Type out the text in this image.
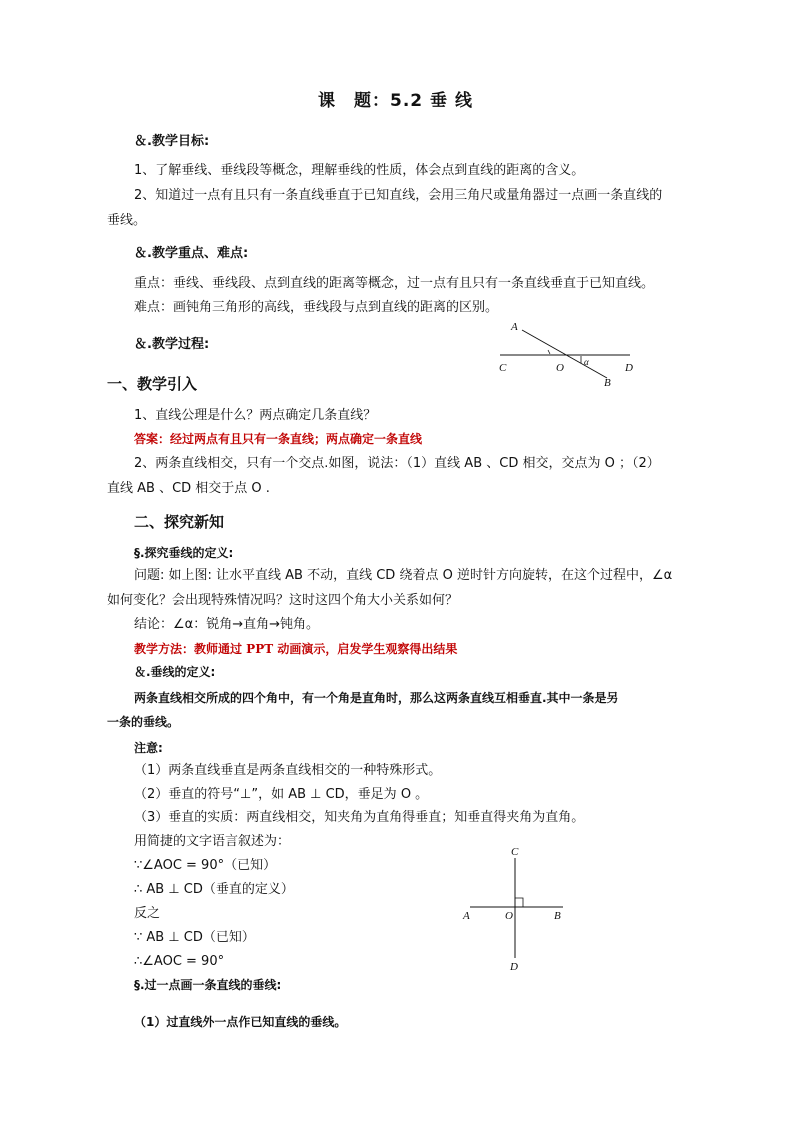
课　题：5.2 垂 线
＆.教学目标:
1、了解垂线、垂线段等概念，理解垂线的性质，体会点到直线的距离的含义。
2、知道过一点有且只有一条直线垂直于已知直线，会用三角尺或量角器过一点画一条直线的
垂线。
＆.教学重点、难点:
重点：垂线、垂线段、点到直线的距离等概念，过一点有且只有一条直线垂直于已知直线。
难点：画钝角三角形的高线，垂线段与点到直线的距离的区别。
A
C	O α	D
B
＆.教学过程:
一、教学引入
1、直线公理是什么？两点确定几条直线？
答案：经过两点有且只有一条直线；两点确定一条直线
2、两条直线相交，只有一个交点.如图，说法：（1）直线 AB 、CD 相交，交点为 O ；（2）
直线 AB 、CD 相交于点 O .
二、探究新知
§.探究垂线的定义:
问题: 如上图: 让水平直线 AB 不动，直线 CD 绕着点 O 逆时针方向旋转，在这个过程中，∠α
如何变化？会出现特殊情况吗？这时这四个角大小关系如何？
结论：∠α：锐角→直角→钝角。
教学方法：教师通过 PPT 动画演示，启发学生观察得出结果
＆.垂线的定义:
两条直线相交所成的四个角中，有一个角是直角时，那么这两条直线互相垂直.其中一条是另
一条的垂线。
注意:
（1）两条直线垂直是两条直线相交的一种特殊形式。
（2）垂直的符号“⊥”，如 AB ⊥ CD，垂足为 O 。
（3）垂直的实质：两直线相交，知夹角为直角得垂直；知垂直得夹角为直角。
用简捷的文字语言叙述为：
∵∠AOC = 90°（已知）
∴ AB ⊥ CD（垂直的定义）
反之
∵ AB ⊥ CD（已知）
∴∠AOC = 90°
C
A	O	B
D
§.过一点画一条直线的垂线:
（1）过直线外一点作已知直线的垂线。
